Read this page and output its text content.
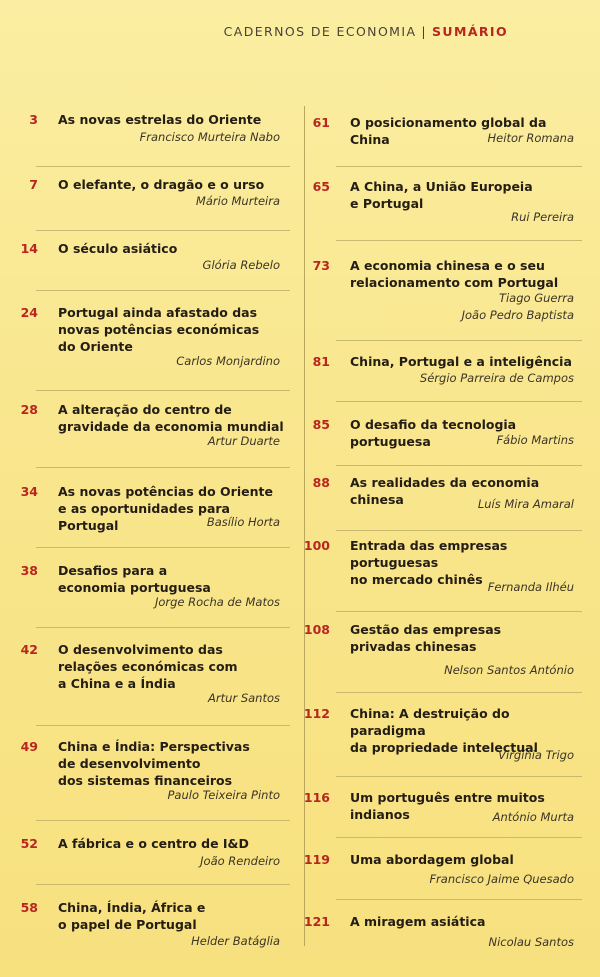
CADERNOS DE ECONOMIA | SUMÁRIO
3 As novas estrelas do Oriente
Francisco Murteira Nabo
7 O elefante, o dragão e o urso
Mário Murteira
14 O século asiático
Glória Rebelo
24 Portugal ainda afastado das
novas potências económicas
do Oriente
Carlos Monjardino
28 A alteração do centro de
gravidade da economia mundial
Artur Duarte
34 As novas potências do Oriente
e as oportunidades para Portugal	Basílio Horta
38 Desafios para a
economia portuguesa
Jorge Rocha de Matos
42 O desenvolvimento das
relações económicas com
a China e a Índia
Artur Santos
49 China e Índia: Perspectivas
de desenvolvimento
dos sistemas financeiros
Paulo Teixeira Pinto
52 A fábrica e o centro de I&D
João Rendeiro
58 China, Índia, África e
o papel de Portugal
Helder Batáglia
61 O posicionamento global da China	Heitor Romana
65 A China, a União Europeia
e Portugal
Rui Pereira
73 A economia chinesa e o seu
relacionamento com Portugal
Tiago Guerra
João Pedro Baptista
81 China, Portugal e a inteligência
Sérgio Parreira de Campos
85 O desafio da tecnologia portuguesa	Fábio Martins
88 As realidades da economia chinesa	Luís Mira Amaral
100 Entrada das empresas portuguesas
no mercado chinês Fernanda Ilhéu
108 Gestão das empresas
privadas chinesas
Nelson Santos António
112 China: A destruição do paradigma
da propriedade intelectual
Virgínia Trigo
116 Um português entre muitos indianos	António Murta
119 Uma abordagem global
Francisco Jaime Quesado
121 A miragem asiática
Nicolau Santos
